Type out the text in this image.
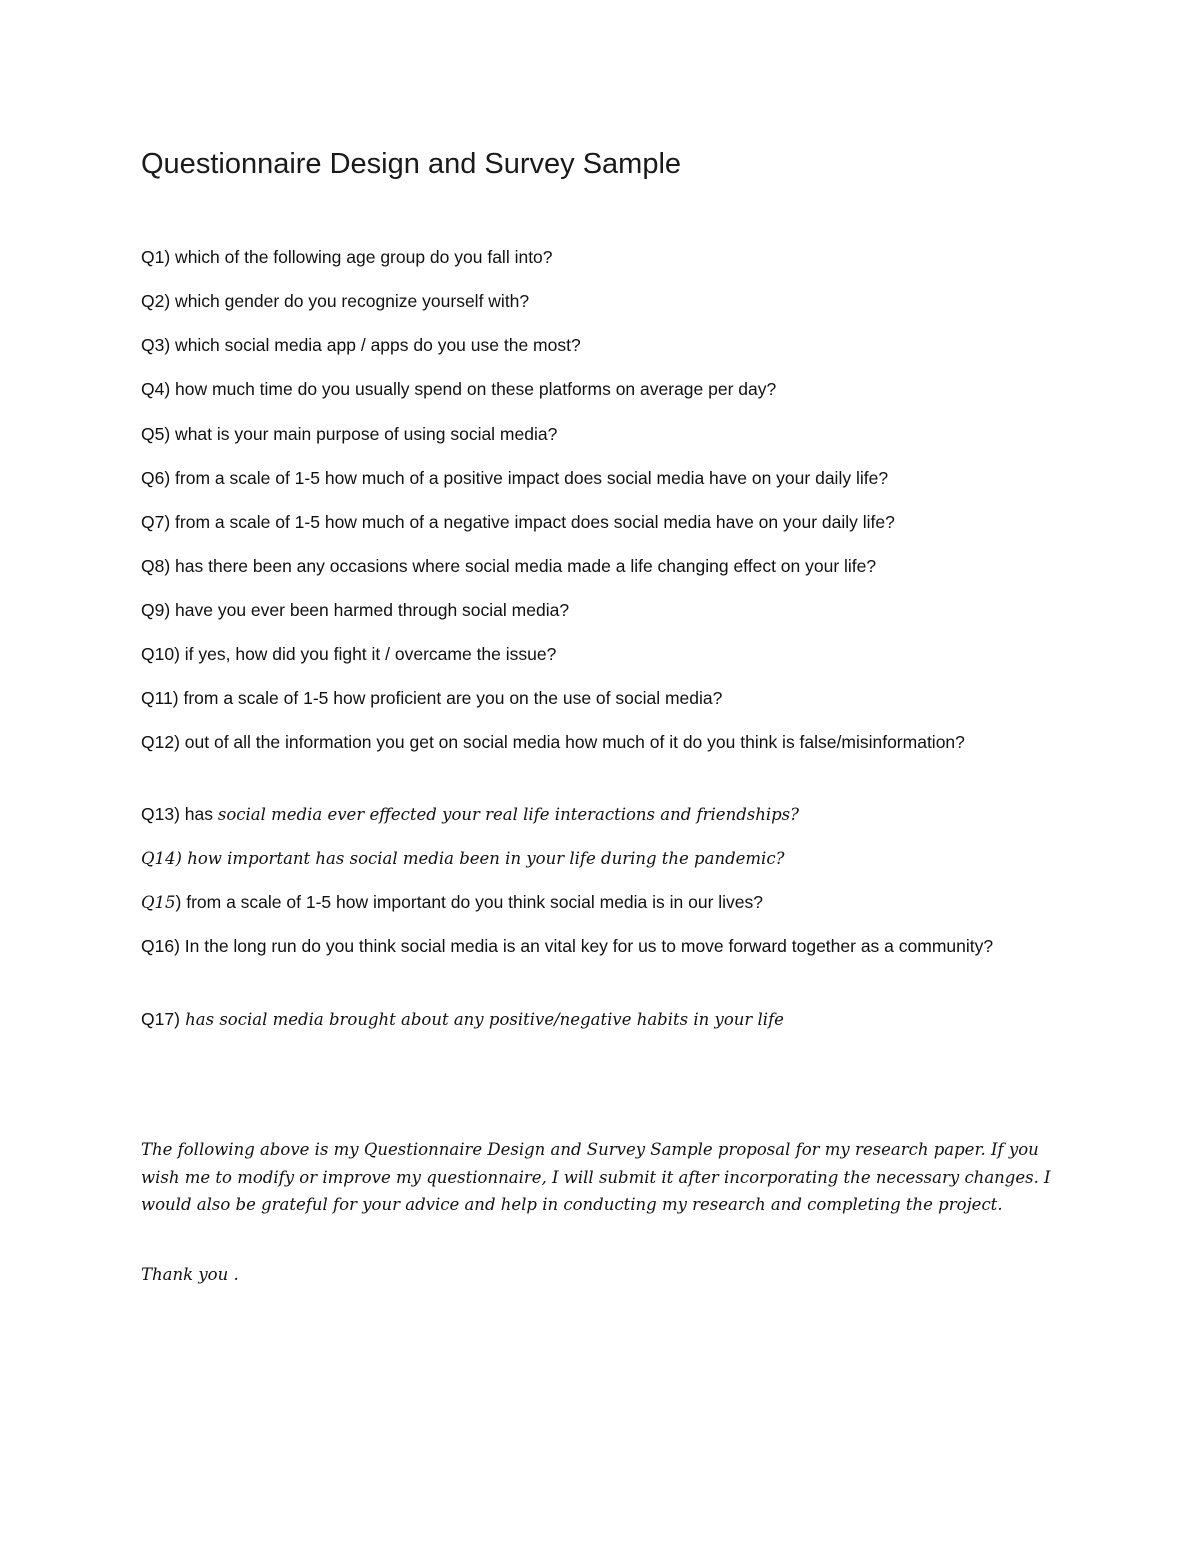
Questionnaire Design and Survey Sample

Q1) which of the following age group do you fall into?

Q2) which gender do you recognize yourself with?

Q3) which social media app / apps do you use the most?

Q4) how much time do you usually spend on these platforms on average per day?

Q5) what is your main purpose of using social media?

Q6) from a scale of 1-5 how much of a positive impact does social media have on your daily life?

Q7) from a scale of 1-5 how much of a negative impact does social media have on your daily life?

Q8) has there been any occasions where social media made a life changing effect on your life?

Q9) have you ever been harmed through social media?

Q10) if yes, how did you fight it / overcame the issue?

Q11) from a scale of 1-5 how proficient are you on the use of social media?

Q12) out of all the information you get on social media how much of it do you think is false/misinformation?

Q13) has social media ever effected your real life interactions and friendships?

Q14) how important has social media been in your life during the pandemic?

Q15) from a scale of 1-5 how important do you think social media is in our lives?

Q16) In the long run do you think social media is an vital key for us to move forward together as a community?

Q17) has social media brought about any positive/negative habits in your life

The following above is my Questionnaire Design and Survey Sample proposal for my research paper. If you wish me to modify or improve my questionnaire, I will submit it after incorporating the necessary changes. I would also be grateful for your advice and help in conducting my research and completing the project.

Thank you .
